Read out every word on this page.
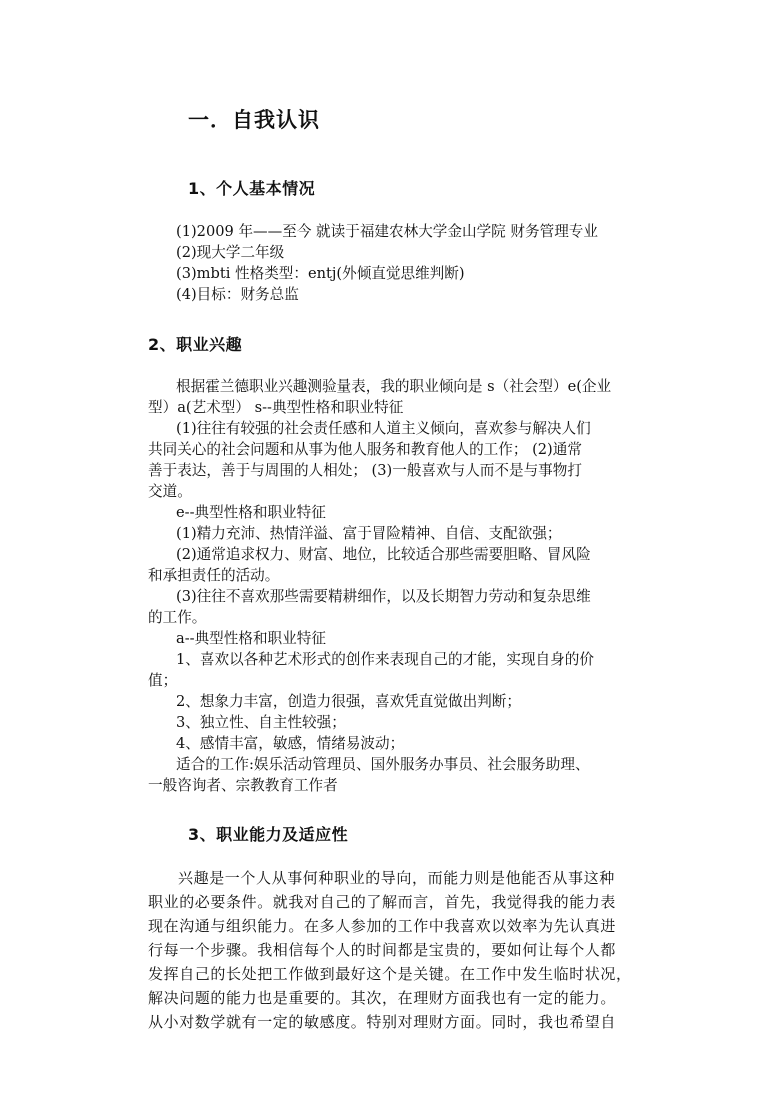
一．自我认识
1、个人基本情况
(1)2009 年——至今 就读于福建农林大学金山学院 财务管理专业
(2)现大学二年级
(3)mbti 性格类型：entj(外倾直觉思维判断)
(4)目标：财务总监
2、职业兴趣
根据霍兰德职业兴趣测验量表，我的职业倾向是 s（社会型）e(企业
型）a(艺术型） s--典型性格和职业特征
(1)往往有较强的社会责任感和人道主义倾向，喜欢参与解决人们
共同关心的社会问题和从事为他人服务和教育他人的工作； (2)通常
善于表达，善于与周围的人相处； (3)一般喜欢与人而不是与事物打
交道。
e--典型性格和职业特征
(1)精力充沛、热情洋溢、富于冒险精神、自信、支配欲强；
(2)通常追求权力、财富、地位，比较适合那些需要胆略、冒风险
和承担责任的活动。
(3)往往不喜欢那些需要精耕细作，以及长期智力劳动和复杂思维
的工作。
a--典型性格和职业特征
1、喜欢以各种艺术形式的创作来表现自己的才能，实现自身的价
值；
2、想象力丰富，创造力很强，喜欢凭直觉做出判断；
3、独立性、自主性较强；
4、感情丰富，敏感，情绪易波动；
适合的工作:娱乐活动管理员、国外服务办事员、社会服务助理、
一般咨询者、宗教教育工作者
3、职业能力及适应性
兴趣是一个人从事何种职业的导向，而能力则是他能否从事这种
职业的必要条件。就我对自己的了解而言，首先，我觉得我的能力表
现在沟通与组织能力。在多人参加的工作中我喜欢以效率为先认真进
行每一个步骤。我相信每个人的时间都是宝贵的，要如何让每个人都
发挥自己的长处把工作做到最好这个是关键。在工作中发生临时状况，
解决问题的能力也是重要的。其次，在理财方面我也有一定的能力。
从小对数学就有一定的敏感度。特别对理财方面。同时，我也希望自
